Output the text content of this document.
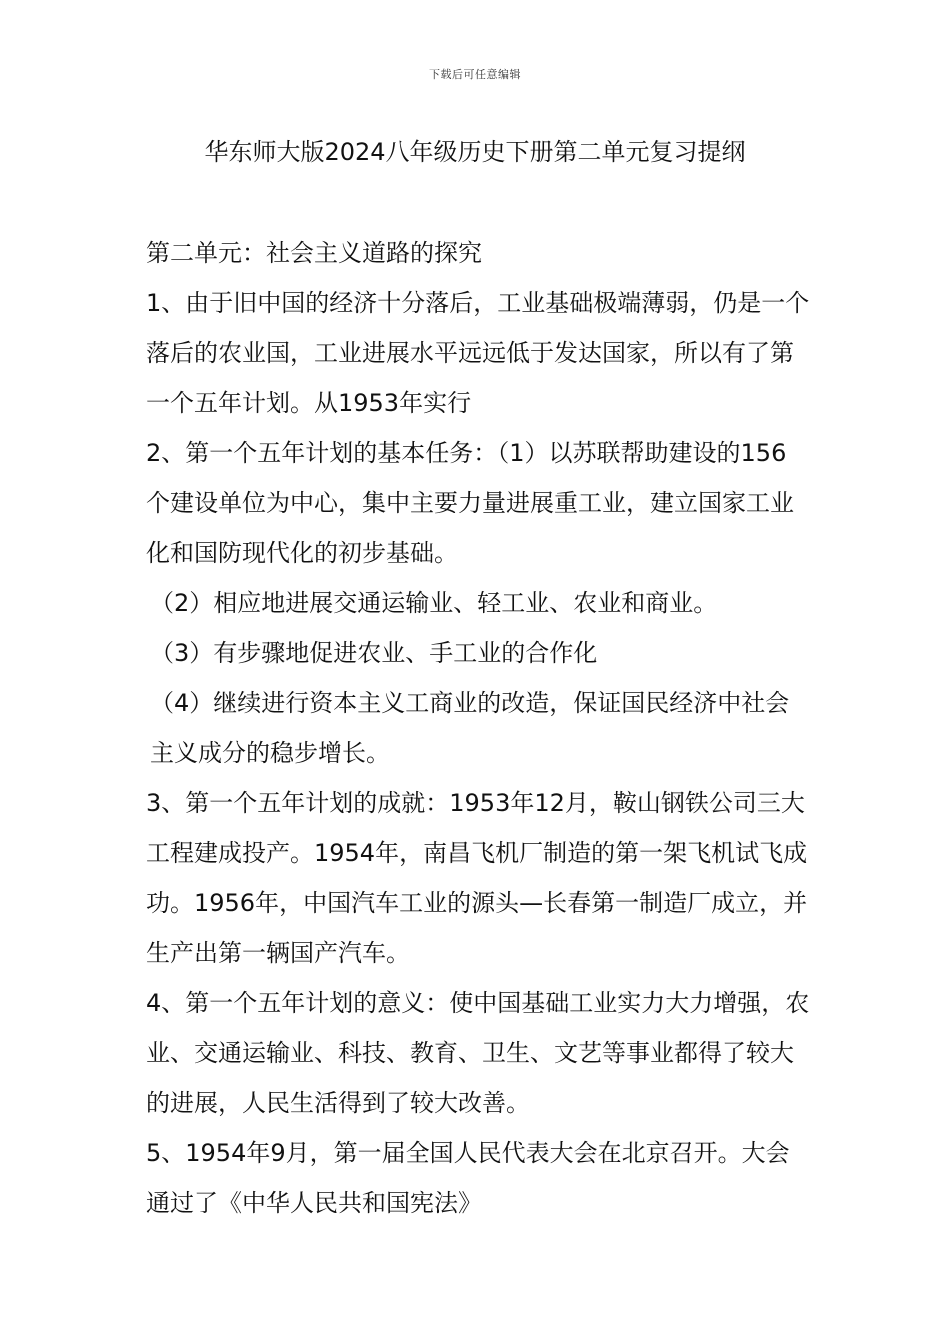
下载后可任意编辑
华东师大版2024八年级历史下册第二单元复习提纲

第二单元：社会主义道路的探究

1、由于旧中国的经济十分落后，工业基础极端薄弱，仍是一个落后的农业国，工业进展水平远远低于发达国家，所以有了第一个五年计划。从1953年实行

2、第一个五年计划的基本任务：（1）以苏联帮助建设的156个建设单位为中心，集中主要力量进展重工业，建立国家工业化和国防现代化的初步基础。

（2）相应地进展交通运输业、轻工业、农业和商业。

（3）有步骤地促进农业、手工业的合作化

（4）继续进行资本主义工商业的改造，保证国民经济中社会主义成分的稳步增长。

3、第一个五年计划的成就：1953年12月，鞍山钢铁公司三大工程建成投产。1954年，南昌飞机厂制造的第一架飞机试飞成功。1956年，中国汽车工业的源头—长春第一制造厂成立，并生产出第一辆国产汽车。

4、第一个五年计划的意义：使中国基础工业实力大力增强，农业、交通运输业、科技、教育、卫生、文艺等事业都得了较大的进展，人民生活得到了较大改善。

5、1954年9月，第一届全国人民代表大会在北京召开。大会通过了《中华人民共和国宪法》
